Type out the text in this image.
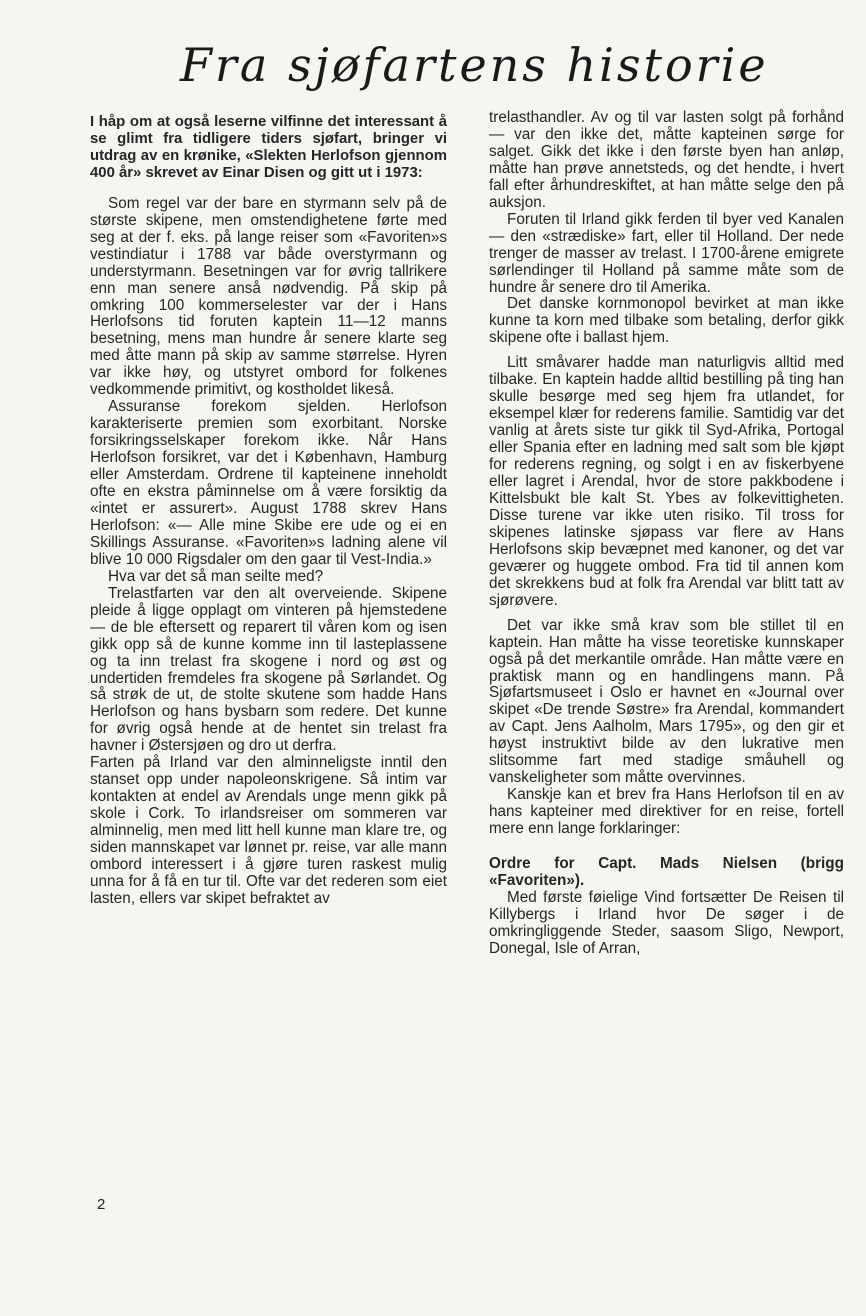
Fra sjøfartens historie

I håp om at også leserne vilfinne det interessant å se glimt fra tidligere tiders sjøfart, bringer vi utdrag av en krønike, «Slekten Herlofson gjennom 400 år» skrevet av Einar Disen og gitt ut i 1973:

Som regel var der bare en styrmann selv på de største skipene, men omstendighetene førte med seg at der f. eks. på lange reiser som «Favoriten»s vestindiatur i 1788 var både overstyrmann og understyrmann. Besetningen var for øvrig tallrikere enn man senere anså nødvendig. På skip på omkring 100 kommerselester var der i Hans Herlofsons tid foruten kaptein 11—12 manns besetning, mens man hundre år senere klarte seg med åtte mann på skip av samme størrelse. Hyren var ikke høy, og utstyret ombord for folkenes vedkommende primitivt, og kostholdet likeså.

Assuranse forekom sjelden. Herlofson karakteriserte premien som exorbitant. Norske forsikringsselskaper forekom ikke. Når Hans Herlofson forsikret, var det i København, Hamburg eller Amsterdam. Ordrene til kapteinene inneholdt ofte en ekstra påminnelse om å være forsiktig da «intet er assurert». August 1788 skrev Hans Herlofson: «— Alle mine Skibe ere ude og ei en Skillings Assuranse. «Favoriten»s ladning alene vil blive 10 000 Rigsdaler om den gaar til Vest-India.»

Hva var det så man seilte med?

Trelastfarten var den alt overveiende. Skipene pleide å ligge opplagt om vinteren på hjemstedene — de ble eftersett og reparert til våren kom og isen gikk opp så de kunne komme inn til lasteplassene og ta inn trelast fra skogene i nord og øst og undertiden fremdeles fra skogene på Sørlandet. Og så strøk de ut, de stolte skutene som hadde Hans Herlofson og hans bysbarn som redere. Det kunne for øvrig også hende at de hentet sin trelast fra havner i Østersjøen og dro ut derfra.

Farten på Irland var den alminneligste inntil den stanset opp under napoleonskrigene. Så intim var kontakten at endel av Arendals unge menn gikk på skole i Cork. To irlandsreiser om sommeren var alminnelig, men med litt hell kunne man klare tre, og siden mannskapet var lønnet pr. reise, var alle mann ombord interessert i å gjøre turen raskest mulig unna for å få en tur til. Ofte var det rederen som eiet lasten, ellers var skipet befraktet av

trelasthandler. Av og til var lasten solgt på forhånd — var den ikke det, måtte kapteinen sørge for salget. Gikk det ikke i den første byen han anløp, måtte han prøve annetsteds, og det hendte, i hvert fall efter århundreskiftet, at han måtte selge den på auksjon.

Foruten til Irland gikk ferden til byer ved Kanalen — den «strædiske» fart, eller til Holland. Der nede trenger de masser av trelast. I 1700-årene emigrete sørlendinger til Holland på samme måte som de hundre år senere dro til Amerika.

Det danske kornmonopol bevirket at man ikke kunne ta korn med tilbake som betaling, derfor gikk skipene ofte i ballast hjem.

Litt småvarer hadde man naturligvis alltid med tilbake. En kaptein hadde alltid bestilling på ting han skulle besørge med seg hjem fra utlandet, for eksempel klær for rederens familie. Samtidig var det vanlig at årets siste tur gikk til Syd-Afrika, Portogal eller Spania efter en ladning med salt som ble kjøpt for rederens regning, og solgt i en av fiskerbyene eller lagret i Arendal, hvor de store pakkbodene i Kittelsbukt ble kalt St. Ybes av folkevittigheten. Disse turene var ikke uten risiko. Til tross for skipenes latinske sjøpass var flere av Hans Herlofsons skip bevæpnet med kanoner, og det var geværer og huggete ombod. Fra tid til annen kom det skrekkens bud at folk fra Arendal var blitt tatt av sjørøvere.

Det var ikke små krav som ble stillet til en kaptein. Han måtte ha visse teoretiske kunnskaper også på det merkantile område. Han måtte være en praktisk mann og en handlingens mann. På Sjøfartsmuseet i Oslo er havnet en «Journal over skipet «De trende Søstre» fra Arendal, kommandert av Capt. Jens Aalholm, Mars 1795», og den gir et høyst instruktivt bilde av den lukrative men slitsomme fart med stadige småuhell og vanskeligheter som måtte overvinnes.

Kanskje kan et brev fra Hans Herlofson til en av hans kapteiner med direktiver for en reise, fortell mere enn lange forklaringer:

Ordre for Capt. Mads Nielsen (brigg «Favoriten»).

Med første føielige Vind fortsætter De Reisen til Killybergs i Irland hvor De søger i de omkringliggende Steder, saasom Sligo, Newport, Donegal, Isle of Arran,

2
